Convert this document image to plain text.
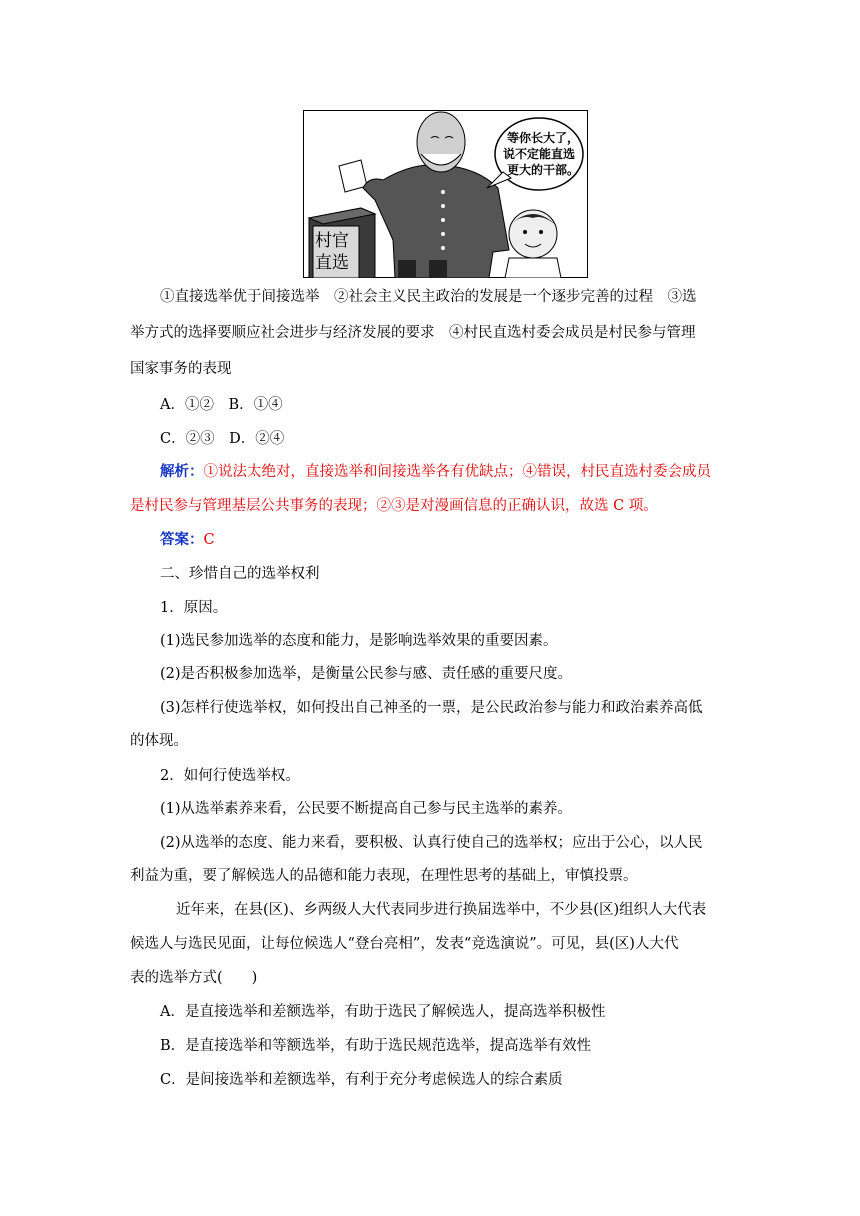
村官
直选
等你长大了，
说不定能直选
更大的干部。
①直接选举优于间接选举　②社会主义民主政治的发展是一个逐步完善的过程　③选
举方式的选择要顺应社会进步与经济发展的要求　④村民直选村委会成员是村民参与管理
国家事务的表现
A．①②　B．①④
C．②③　D．②④
解析：①说法太绝对，直接选举和间接选举各有优缺点；④错误，村民直选村委会成员
是村民参与管理基层公共事务的表现；②③是对漫画信息的正确认识，故选 C 项。
答案：C
二、珍惜自己的选举权利
1．原因。
(1)选民参加选举的态度和能力，是影响选举效果的重要因素。
(2)是否积极参加选举，是衡量公民参与感、责任感的重要尺度。
(3)怎样行使选举权，如何投出自己神圣的一票，是公民政治参与能力和政治素养高低
的体现。
2．如何行使选举权。
(1)从选举素养来看，公民要不断提高自己参与民主选举的素养。
(2)从选举的态度、能力来看，要积极、认真行使自己的选举权；应出于公心，以人民
利益为重，要了解候选人的品德和能力表现，在理性思考的基础上，审慎投票。
近年来，在县(区)、乡两级人大代表同步进行换届选举中，不少县(区)组织人大代表
候选人与选民见面，让每位候选人“登台亮相”，发表“竞选演说”。可见，县(区)人大代
表的选举方式(　　)
A．是直接选举和差额选举，有助于选民了解候选人，提高选举积极性
B．是直接选举和等额选举，有助于选民规范选举，提高选举有效性
C．是间接选举和差额选举，有利于充分考虑候选人的综合素质
